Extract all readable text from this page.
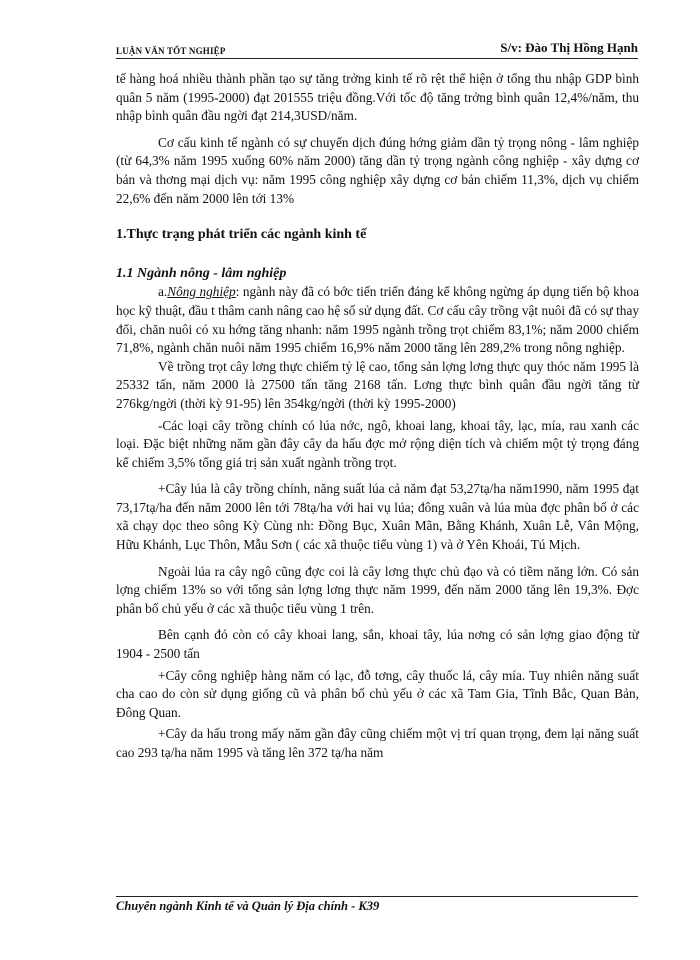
LUẬN VĂN TỐT NGHIỆP	S/v: Đào Thị Hồng Hạnh

tế hàng hoá nhiều thành phần tạo sự tăng trởng kinh tế rõ rệt thể hiện ở tổng thu nhập GDP bình quân 5 năm (1995-2000) đạt 201555 triệu đồng.Với tốc độ tăng trởng bình quân 12,4%/năm, thu nhập bình quân đầu ngời đạt 214,3USD/năm.

Cơ cấu kinh tế ngành có sự chuyển dịch đúng hớng giảm dần tỷ trọng nông - lâm nghiệp (từ 64,3% năm 1995 xuống 60% năm 2000) tăng dần tỷ trọng ngành công nghiệp - xây dựng cơ bản và thơng mại dịch vụ: năm 1995 công nghiệp xây dựng cơ bản chiếm 11,3%, dịch vụ chiếm 22,6% đến năm 2000 lên tới 13%

1.Thực trạng phát triển các ngành kinh tế

1.1 Ngành nông - lâm nghiệp

a.Nông nghiệp: ngành này đã có bớc tiến triển đáng kể không ngừng áp dụng tiến bộ khoa học kỹ thuật, đầu t thâm canh nâng cao hệ số sử dụng đất. Cơ cấu cây trồng vật nuôi đã có sự thay đổi, chăn nuôi có xu hớng tăng nhanh: năm 1995 ngành trồng trọt chiếm 83,1%; năm 2000 chiếm 71,8%, ngành chăn nuôi năm 1995 chiếm 16,9% năm 2000 tăng lên 289,2% trong nông nghiệp.

Về trồng trọt cây lơng thực chiếm tỷ lệ cao, tổng sản lợng lơng thực quy thóc năm 1995 là 25332 tấn, năm 2000 là 27500 tấn tăng 2168 tấn. Lơng thực bình quân đầu ngời tăng từ 276kg/ngời (thời kỳ 91-95) lên 354kg/ngời (thời kỳ 1995-2000)

-Các loại cây trồng chính có lúa nớc, ngô, khoai lang, khoai tây, lạc, mía, rau xanh các loại. Đặc biệt những năm gần đây cây da hấu đợc mở rộng diện tích và chiếm một tỷ trọng đáng kể chiếm 3,5% tổng giá trị sản xuất ngành trồng trọt.

+Cây lúa là cây trồng chính, năng suất lúa cả năm đạt 53,27tạ/ha năm1990, năm 1995 đạt 73,17tạ/ha đến năm 2000 lên tới 78tạ/ha với hai vụ lúa; đông xuân và lúa mùa đợc phân bố ở các xã chạy dọc theo sông Kỳ Cùng nh: Đồng Bục, Xuân Mãn, Bằng Khánh, Xuân Lễ, Vân Mộng, Hữu Khánh, Lục Thôn, Mẫu Sơn ( các xã thuộc tiểu vùng 1) và ở Yên Khoái, Tú Mịch.

Ngoài lúa ra cây ngô cũng đợc coi là cây lơng thực chủ đạo và có tiềm năng lớn. Có sản lợng chiếm 13% so với tổng sản lợng lơng thực năm 1999, đến năm 2000 tăng lên 19,3%. Đợc phân bố chủ yếu ở các xã thuộc tiểu vùng 1 trên.

Bên cạnh đó còn có cây khoai lang, sắn, khoai tây, lúa nơng có sản lợng giao động từ 1904 - 2500 tấn

+Cây công nghiệp hàng năm có lạc, đỗ tơng, cây thuốc lá, cây mía. Tuy nhiên năng suất cha cao do còn sử dụng giống cũ và phân bố chủ yếu ở các xã Tam Gia, Tĩnh Bắc, Quan Bản, Đông Quan.

+Cây da hấu trong mấy năm gần đây cũng chiếm một vị trí quan trọng, đem lại năng suất cao 293 tạ/ha năm 1995 và tăng lên 372 tạ/ha năm

Chuyên ngành Kinh tế và Quản lý Địa chính - K39
